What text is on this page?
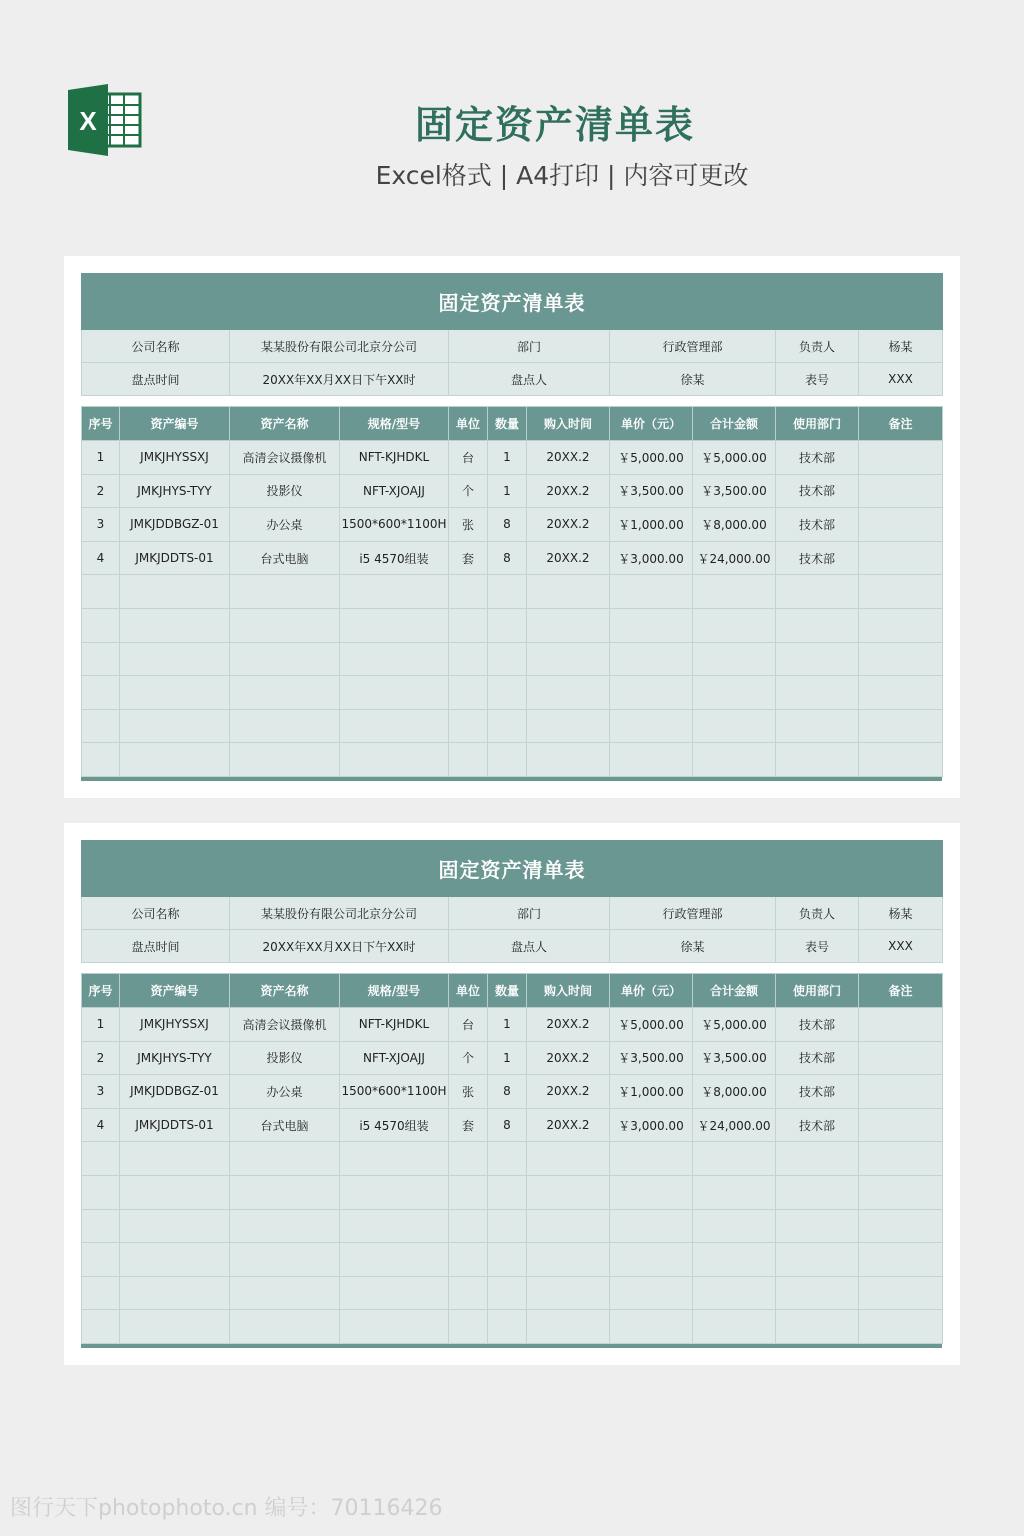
X	固定资产清单表
Excel格式 | A4打印 | 内容可更改
固定资产清单表					
公司名称	某某股份有限公司北京分公司	部门	行政管理部	负责人	杨某
盘点时间	20XX年XX月XX日下午XX时	盘点人	徐某	表号	XXX
序号	资产编号	资产名称	规格/型号	单位	数量	购入时间	单价（元）	合计金额	使用部门	备注
1	JMKJHYSSXJ	高清会议摄像机	NFT-KJHDKL	台	1	20XX.2	￥5,000.00	￥5,000.00	技术部	
2	JMKJHYS-TYY	投影仪	NFT-XJOAJJ	个	1	20XX.2	￥3,500.00	￥3,500.00	技术部	
3	JMKJDDBGZ-01	办公桌	1500*600*1100H	张	8	20XX.2	￥1,000.00	￥8,000.00	技术部	
4	JMKJDDTS-01	台式电脑	i5 4570组装	套	8	20XX.2	￥3,000.00	￥24,000.00	技术部	

固定资产清单表					
公司名称	某某股份有限公司北京分公司	部门	行政管理部	负责人	杨某
盘点时间	20XX年XX月XX日下午XX时	盘点人	徐某	表号	XXX
序号	资产编号	资产名称	规格/型号	单位	数量	购入时间	单价（元）	合计金额	使用部门	备注
1	JMKJHYSSXJ	高清会议摄像机	NFT-KJHDKL	台	1	20XX.2	￥5,000.00	￥5,000.00	技术部	
2	JMKJHYS-TYY	投影仪	NFT-XJOAJJ	个	1	20XX.2	￥3,500.00	￥3,500.00	技术部	
3	JMKJDDBGZ-01	办公桌	1500*600*1100H	张	8	20XX.2	￥1,000.00	￥8,000.00	技术部	
4	JMKJDDTS-01	台式电脑	i5 4570组装	套	8	20XX.2	￥3,000.00	￥24,000.00	技术部	

图行天下photophoto.cn 编号：70116426
